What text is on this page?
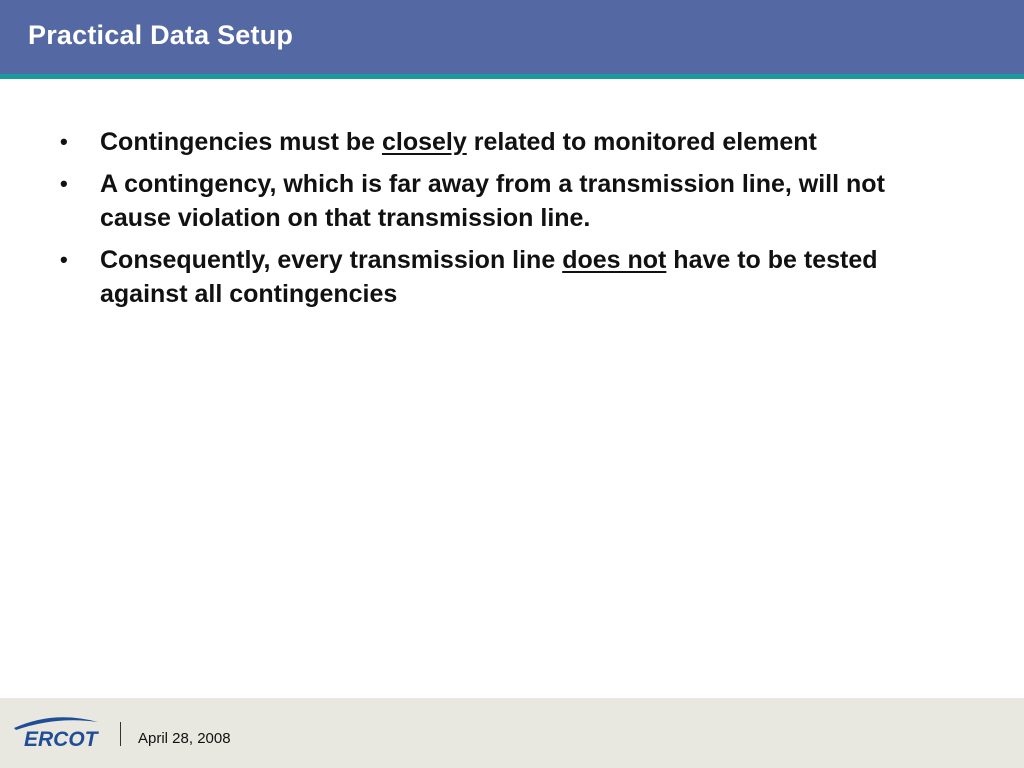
Practical Data Setup
• Contingencies must be closely related to monitored element
• A contingency, which is far away from a transmission line, will not cause violation on that transmission line.
• Consequently, every transmission line does not have to be tested against all contingencies
ERCOT	April 28, 2008
